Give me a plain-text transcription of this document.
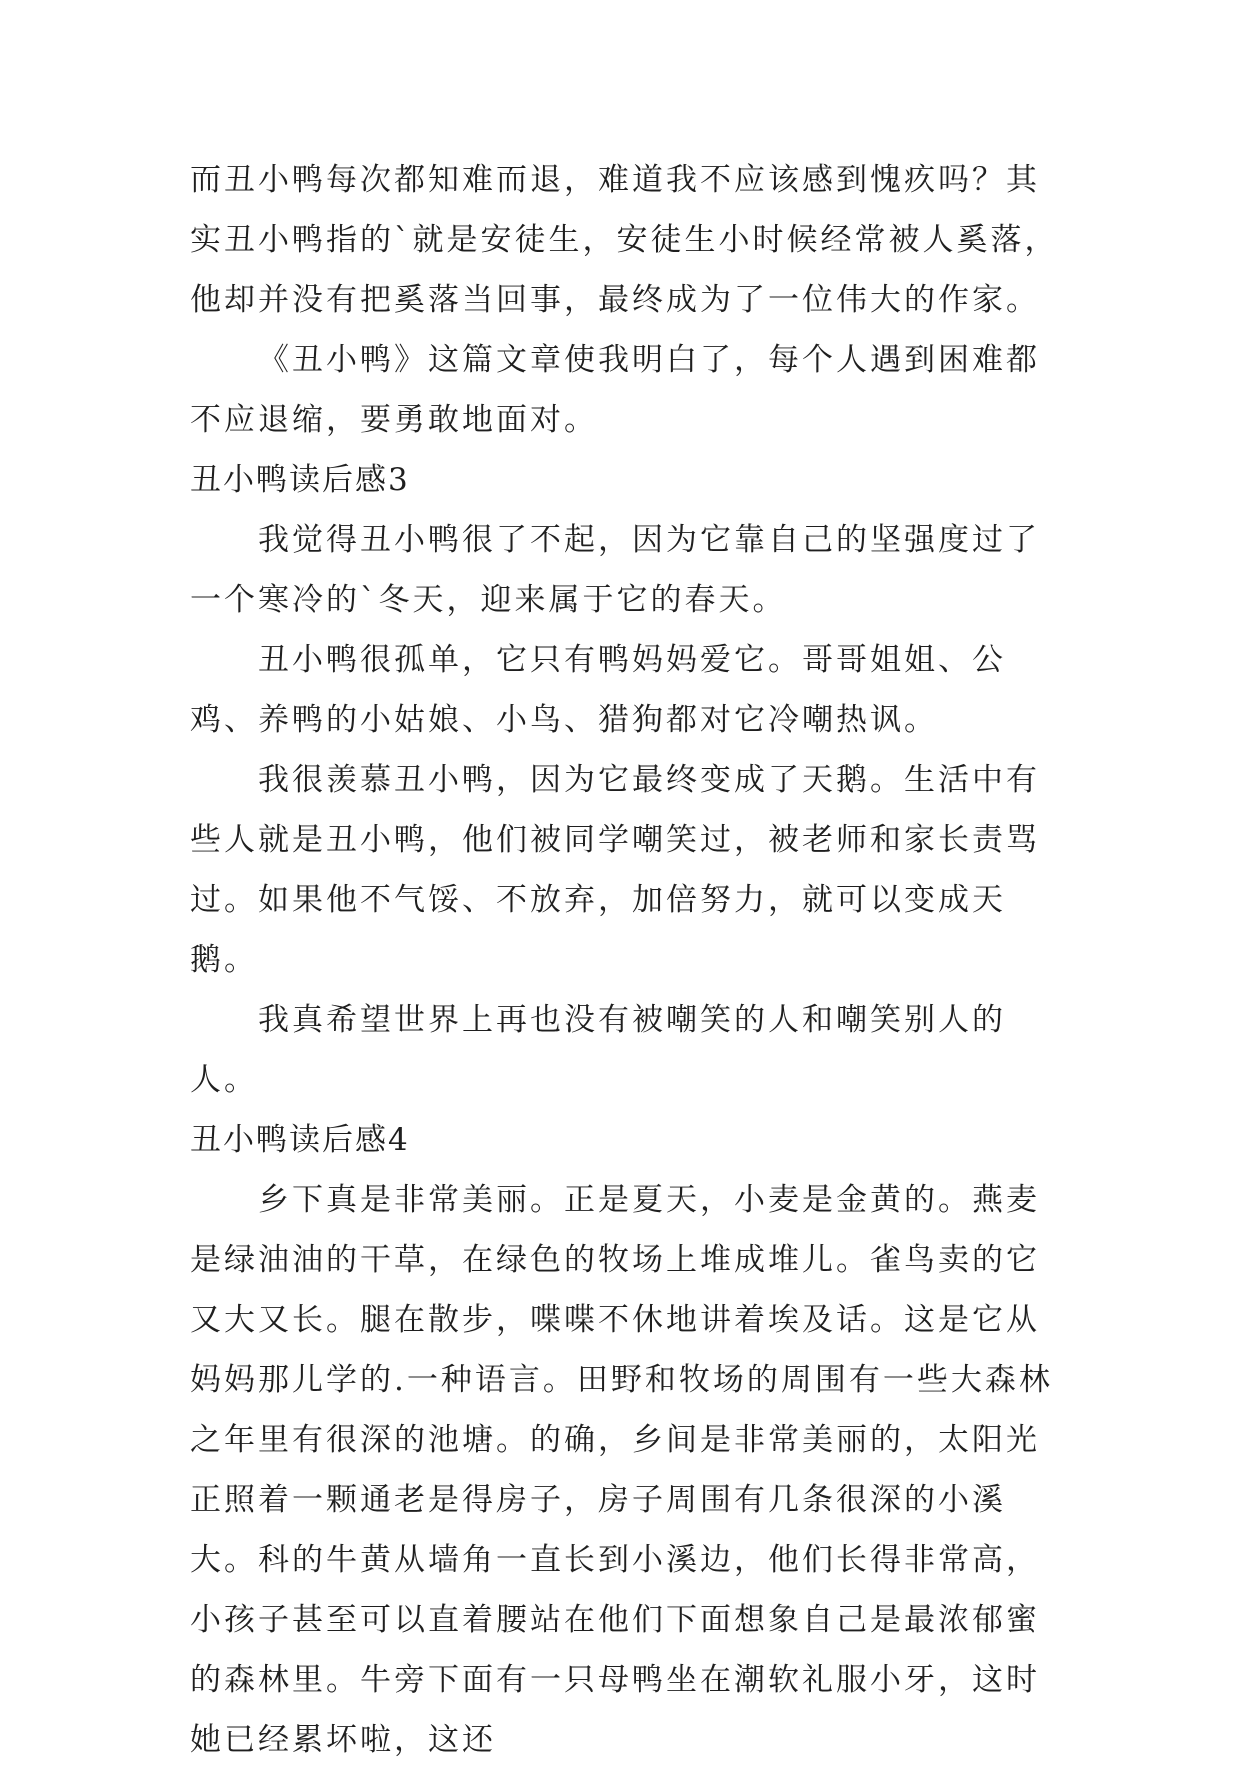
而丑小鸭每次都知难而退，难道我不应该感到愧疚吗？其实丑小鸭指的`就是安徒生，安徒生小时候经常被人奚落，他却并没有把奚落当回事，最终成为了一位伟大的作家。

《丑小鸭》这篇文章使我明白了，每个人遇到困难都不应退缩，要勇敢地面对。

丑小鸭读后感3

我觉得丑小鸭很了不起，因为它靠自己的坚强度过了一个寒冷的`冬天，迎来属于它的春天。

丑小鸭很孤单，它只有鸭妈妈爱它。哥哥姐姐、公鸡、养鸭的小姑娘、小鸟、猎狗都对它冷嘲热讽。

我很羡慕丑小鸭，因为它最终变成了天鹅。生活中有些人就是丑小鸭，他们被同学嘲笑过，被老师和家长责骂过。如果他不气馁、不放弃，加倍努力，就可以变成天鹅。

我真希望世界上再也没有被嘲笑的人和嘲笑别人的人。

丑小鸭读后感4

乡下真是非常美丽。正是夏天，小麦是金黄的。燕麦是绿油油的干草，在绿色的牧场上堆成堆儿。雀鸟卖的它又大又长。腿在散步，喋喋不休地讲着埃及话。这是它从妈妈那儿学的.一种语言。田野和牧场的周围有一些大森林之年里有很深的池塘。的确，乡间是非常美丽的，太阳光正照着一颗通老是得房子，房子周围有几条很深的小溪大。科的牛黄从墙角一直长到小溪边，他们长得非常高，小孩子甚至可以直着腰站在他们下面想象自己是最浓郁蜜的森林里。牛旁下面有一只母鸭坐在潮软礼服小牙，这时她已经累坏啦，这还
